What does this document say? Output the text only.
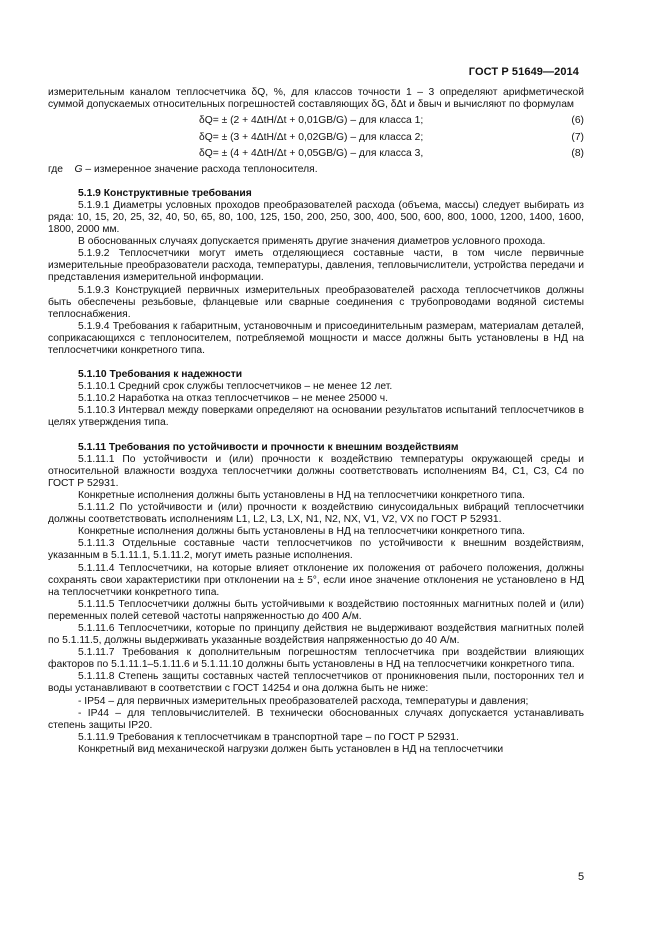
ГОСТ Р 51649—2014

измерительным каналом теплосчетчика δQ, %, для классов точности 1 – 3 определяют арифметической суммой допускаемых относительных погрешностей составляющих δG, δΔt и δвыч и вычисляют по формулам

δQ= ± (2 + 4ΔtН/Δt + 0,01GВ/G) – для класса 1;	(6)
δQ= ± (3 + 4ΔtН/Δt + 0,02GВ/G) – для класса 2;	(7)
δQ= ± (4 + 4ΔtН/Δt + 0,05GВ/G) – для класса 3,	(8)

где G – измеренное значение расхода теплоносителя.

5.1.9 Конструктивные требования

5.1.9.1 Диаметры условных проходов преобразователей расхода (объема, массы) следует выбирать из ряда: 10, 15, 20, 25, 32, 40, 50, 65, 80, 100, 125, 150, 200, 250, 300, 400, 500, 600, 800, 1000, 1200, 1400, 1600, 1800, 2000 мм.

В обоснованных случаях допускается применять другие значения диаметров условного прохода.

5.1.9.2 Теплосчетчики могут иметь отделяющиеся составные части, в том числе первичные измерительные преобразователи расхода, температуры, давления, тепловычислители, устройства передачи и представления измерительной информации.

5.1.9.3 Конструкцией первичных измерительных преобразователей расхода теплосчетчиков должны быть обеспечены резьбовые, фланцевые или сварные соединения с трубопроводами водяной системы теплоснабжения.

5.1.9.4 Требования к габаритным, установочным и присоединительным размерам, материалам деталей, соприкасающихся с теплоносителем, потребляемой мощности и массе должны быть установлены в НД на теплосчетчики конкретного типа.

5.1.10 Требования к надежности

5.1.10.1 Средний срок службы теплосчетчиков – не менее 12 лет.

5.1.10.2 Наработка на отказ теплосчетчиков – не менее 25000 ч.

5.1.10.3 Интервал между поверками определяют на основании результатов испытаний теплосчетчиков в целях утверждения типа.

5.1.11 Требования по устойчивости и прочности к внешним воздействиям

5.1.11.1 По устойчивости и (или) прочности к воздействию температуры окружающей среды и относительной влажности воздуха теплосчетчики должны соответствовать исполнениям В4, С1, С3, С4 по ГОСТ Р 52931.

Конкретные исполнения должны быть установлены в НД на теплосчетчики конкретного типа.

5.1.11.2 По устойчивости и (или) прочности к воздействию синусоидальных вибраций теплосчетчики должны соответствовать исполнениям L1, L2, L3, LX, N1, N2, NX, V1, V2, VX по ГОСТ Р 52931.

Конкретные исполнения должны быть установлены в НД на теплосчетчики конкретного типа.

5.1.11.3 Отдельные составные части теплосчетчиков по устойчивости к внешним воздействиям, указанным в 5.1.11.1, 5.1.11.2, могут иметь разные исполнения.

5.1.11.4 Теплосчетчики, на которые влияет отклонение их положения от рабочего положения, должны сохранять свои характеристики при отклонении на ± 5°, если иное значение отклонения не установлено в НД на теплосчетчики конкретного типа.

5.1.11.5 Теплосчетчики должны быть устойчивыми к воздействию постоянных магнитных полей и (или) переменных полей сетевой частоты напряженностью до 400 А/м.

5.1.11.6 Теплосчетчики, которые по принципу действия не выдерживают воздействия магнитных полей по 5.1.11.5, должны выдерживать указанные воздействия напряженностью до 40 А/м.

5.1.11.7 Требования к дополнительным погрешностям теплосчетчика при воздействии влияющих факторов по 5.1.11.1–5.1.11.6 и 5.1.11.10 должны быть установлены в НД на теплосчетчики конкретного типа.

5.1.11.8 Степень защиты составных частей теплосчетчиков от проникновения пыли, посторонних тел и воды устанавливают в соответствии с ГОСТ 14254 и она должна быть не ниже:

- IP54 – для первичных измерительных преобразователей расхода, температуры и давления;

- IP44 – для тепловычислителей. В технически обоснованных случаях допускается устанавливать степень защиты IP20.

5.1.11.9 Требования к теплосчетчикам в транспортной таре – по ГОСТ Р 52931.

Конкретный вид механической нагрузки должен быть установлен в НД на теплосчетчики

5
